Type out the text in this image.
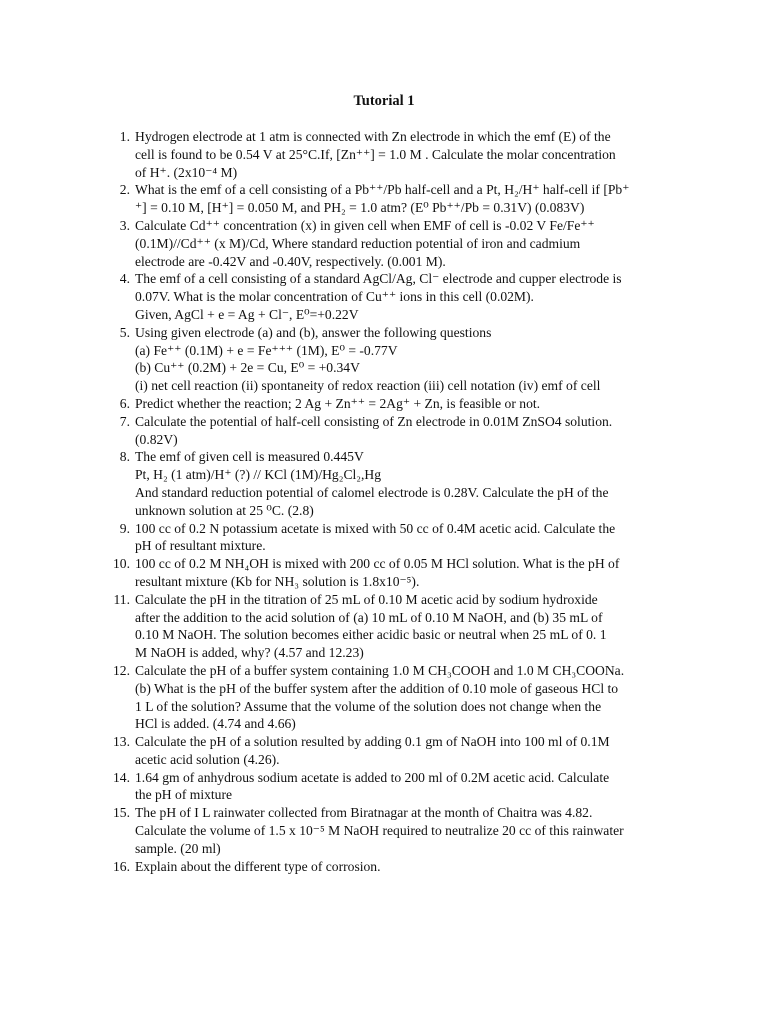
Tutorial 1
1. Hydrogen electrode at 1 atm is connected with Zn electrode in which the emf (E) of the
cell is found to be 0.54 V at 25°C.If, [Zn⁺⁺] = 1.0 M . Calculate the molar concentration
of H⁺. (2x10⁻⁴ M)
2. What is the emf of a cell consisting of a Pb⁺⁺/Pb half-cell and a Pt, H₂/H⁺ half-cell if [Pb⁺
⁺] = 0.10 M, [H⁺] = 0.050 M, and PH₂ = 1.0 atm? (E⁰ Pb⁺⁺/Pb = 0.31V) (0.083V)
3. Calculate Cd⁺⁺ concentration (x) in given cell when EMF of cell is -0.02 V Fe/Fe⁺⁺
(0.1M)//Cd⁺⁺ (x M)/Cd, Where standard reduction potential of iron and cadmium
electrode are -0.42V and -0.40V, respectively. (0.001 M).
4. The emf of a cell consisting of a standard AgCl/Ag, Cl⁻ electrode and cupper electrode is
0.07V. What is the molar concentration of Cu⁺⁺ ions in this cell (0.02M).
Given, AgCl + e = Ag + Cl⁻, E⁰=+0.22V
5. Using given electrode (a) and (b), answer the following questions
(a) Fe⁺⁺ (0.1M) + e = Fe⁺⁺⁺ (1M), E⁰ = -0.77V
(b) Cu⁺⁺ (0.2M) + 2e = Cu, E⁰ = +0.34V
(i) net cell reaction (ii) spontaneity of redox reaction (iii) cell notation (iv) emf of cell
6. Predict whether the reaction; 2 Ag + Zn⁺⁺ = 2Ag⁺ + Zn, is feasible or not.
7. Calculate the potential of half-cell consisting of Zn electrode in 0.01M ZnSO4 solution.
(0.82V)
8. The emf of given cell is measured 0.445V
Pt, H₂ (1 atm)/H⁺ (?) // KCl (1M)/Hg₂Cl₂,Hg
And standard reduction potential of calomel electrode is 0.28V. Calculate the pH of the
unknown solution at 25 ⁰C. (2.8)
9. 100 cc of 0.2 N potassium acetate is mixed with 50 cc of 0.4M acetic acid. Calculate the
pH of resultant mixture.
10. 100 cc of 0.2 M NH₄OH is mixed with 200 cc of 0.05 M HCl solution. What is the pH of
resultant mixture (Kb for NH₃ solution is 1.8x10⁻⁵).
11. Calculate the pH in the titration of 25 mL of 0.10 M acetic acid by sodium hydroxide
after the addition to the acid solution of (a) 10 mL of 0.10 M NaOH, and (b) 35 mL of
0.10 M NaOH. The solution becomes either acidic basic or neutral when 25 mL of 0. 1
M NaOH is added, why? (4.57 and 12.23)
12. Calculate the pH of a buffer system containing 1.0 M CH₃COOH and 1.0 M CH₃COONa.
(b) What is the pH of the buffer system after the addition of 0.10 mole of gaseous HCl to
1 L of the solution? Assume that the volume of the solution does not change when the
HCl is added. (4.74 and 4.66)
13. Calculate the pH of a solution resulted by adding 0.1 gm of NaOH into 100 ml of 0.1M
acetic acid solution (4.26).
14. 1.64 gm of anhydrous sodium acetate is added to 200 ml of 0.2M acetic acid. Calculate
the pH of mixture
15. The pH of I L rainwater collected from Biratnagar at the month of Chaitra was 4.82.
Calculate the volume of 1.5 x 10⁻⁵ M NaOH required to neutralize 20 cc of this rainwater
sample. (20 ml)
16. Explain about the different type of corrosion.
